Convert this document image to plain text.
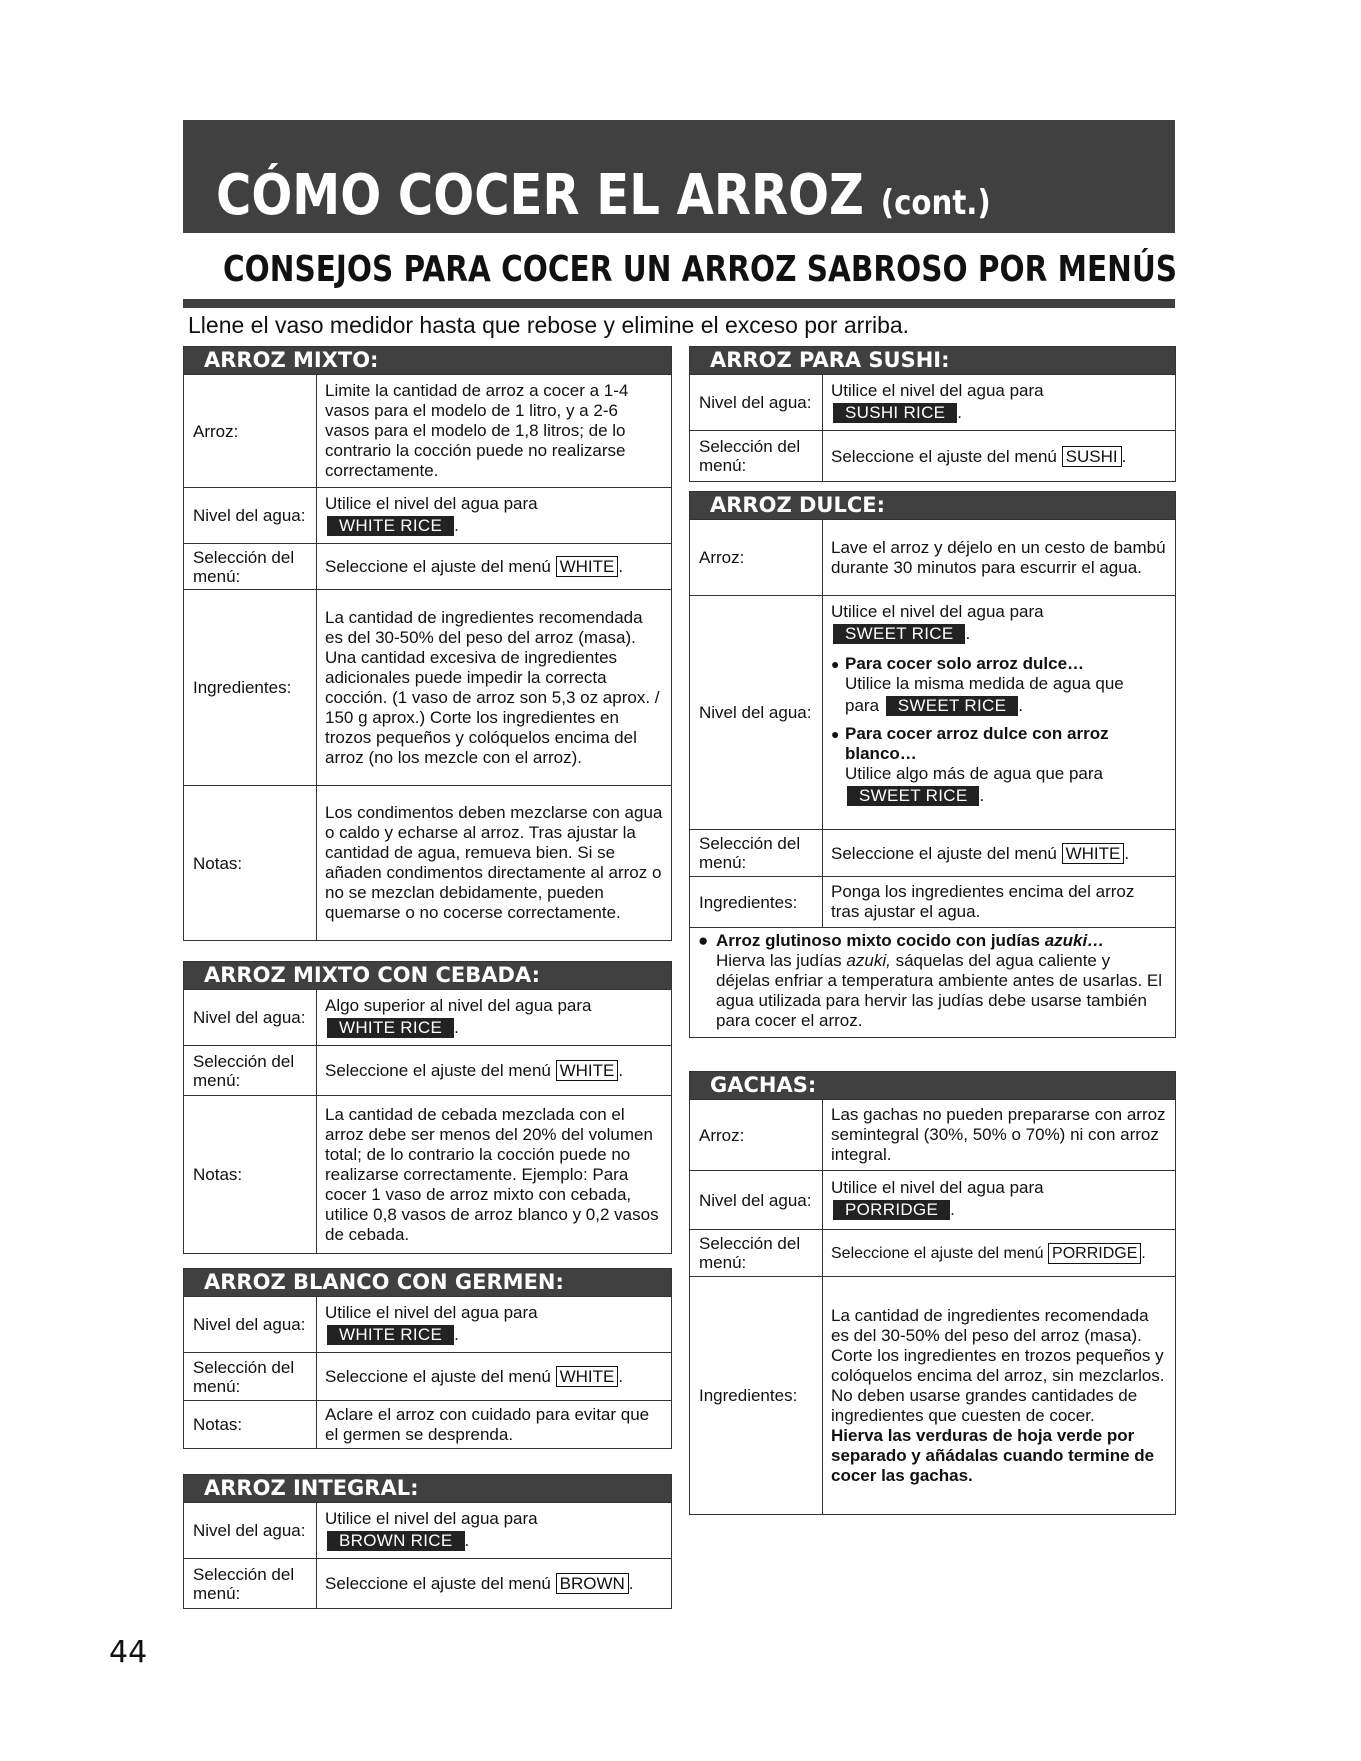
CÓMO COCER EL ARROZ (cont.)
CONSEJOS PARA COCER UN ARROZ SABROSO POR MENÚS
Llene el vaso medidor hasta que rebose y elimine el exceso por arriba.
ARROZ MIXTO:
Arroz:
Limite la cantidad de arroz a cocer a 1-4 vasos para el modelo de 1 litro, y a 2-6 vasos para el modelo de 1,8 litros; de lo contrario la cocción puede no realizarse correctamente.
Nivel del agua:
Utilice el nivel del agua para
WHITE RICE .
Selección del menú:	Seleccione el ajuste del menú WHITE .
Ingredientes:
La cantidad de ingredientes recomendada es del 30-50% del peso del arroz (masa). Una cantidad excesiva de ingredientes adicionales puede impedir la correcta cocción. (1 vaso de arroz son 5,3 oz aprox. / 150 g aprox.) Corte los ingredientes en trozos pequeños y colóquelos encima del arroz (no los mezcle con el arroz).
Notas:
Los condimentos deben mezclarse con agua o caldo y echarse al arroz. Tras ajustar la cantidad de agua, remueva bien. Si se añaden condimentos directamente al arroz o no se mezclan debidamente, pueden quemarse o no cocerse correctamente.
ARROZ MIXTO CON CEBADA:
Nivel del agua:
Algo superior al nivel del agua para
WHITE RICE .
Selección del menú:	Seleccione el ajuste del menú WHITE .
Notas:
La cantidad de cebada mezclada con el arroz debe ser menos del 20% del volumen total; de lo contrario la cocción puede no realizarse correctamente. Ejemplo: Para cocer 1 vaso de arroz mixto con cebada, utilice 0,8 vasos de arroz blanco y 0,2 vasos de cebada.
ARROZ BLANCO CON GERMEN:
Nivel del agua:
Utilice el nivel del agua para
WHITE RICE .
Selección del menú:	Seleccione el ajuste del menú WHITE .
Notas:
Aclare el arroz con cuidado para evitar que el germen se desprenda.
ARROZ INTEGRAL:
Nivel del agua:
Utilice el nivel del agua para
BROWN RICE .
Selección del menú:	Seleccione el ajuste del menú BROWN .
ARROZ PARA SUSHI:
Nivel del agua:
Utilice el nivel del agua para
SUSHI RICE .
Selección del menú:	Seleccione el ajuste del menú SUSHI .
ARROZ DULCE:
Arroz:
Lave el arroz y déjelo en un cesto de bambú durante 30 minutos para escurrir el agua.
Nivel del agua:
Utilice el nivel del agua para
SWEET RICE .
● Para cocer solo arroz dulce…
Utilice la misma medida de agua que
para SWEET RICE .
● Para cocer arroz dulce con arroz blanco…
Utilice algo más de agua que para
SWEET RICE .
Selección del menú:	Seleccione el ajuste del menú WHITE .
Ingredientes:
Ponga los ingredientes encima del arroz tras ajustar el agua.
● Arroz glutinoso mixto cocido con judías azuki…
Hierva las judías azuki, sáquelas del agua caliente y déjelas enfriar a temperatura ambiente antes de usarlas. El agua utilizada para hervir las judías debe usarse también para cocer el arroz.
GACHAS:
Arroz:
Las gachas no pueden prepararse con arroz semintegral (30%, 50% o 70%) ni con arroz integral.
Nivel del agua:
Utilice el nivel del agua para
PORRIDGE .
Selección del menú:	Seleccione el ajuste del menú PORRIDGE .
Ingredientes:
La cantidad de ingredientes recomendada es del 30-50% del peso del arroz (masa). Corte los ingredientes en trozos pequeños y colóquelos encima del arroz, sin mezclarlos. No deben usarse grandes cantidades de ingredientes que cuesten de cocer.
Hierva las verduras de hoja verde por separado y añádalas cuando termine de cocer las gachas.
44
